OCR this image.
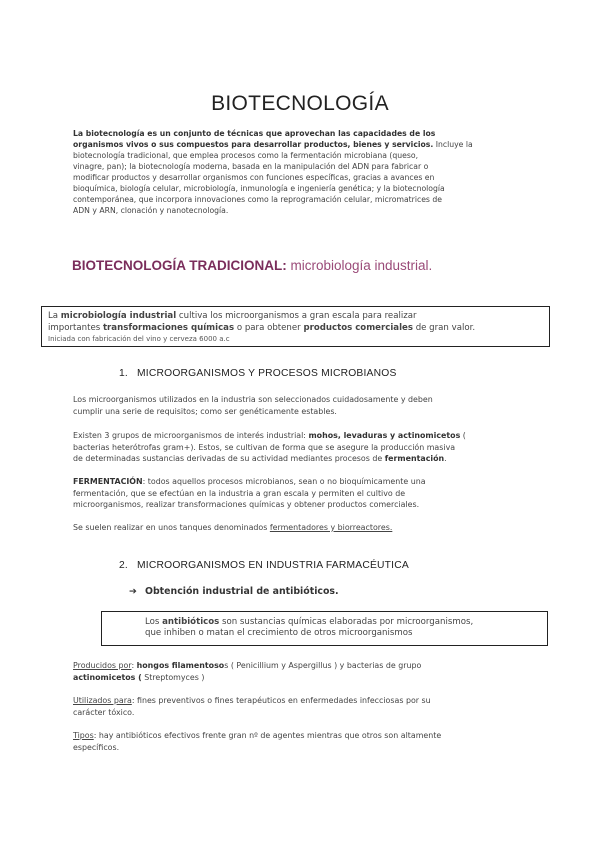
BIOTECNOLOGÍA
La biotecnología es un conjunto de técnicas que aprovechan las capacidades de los
organismos vivos o sus compuestos para desarrollar productos, bienes y servicios. Incluye la
biotecnología tradicional, que emplea procesos como la fermentación microbiana (queso,
vinagre, pan); la biotecnología moderna, basada en la manipulación del ADN para fabricar o
modificar productos y desarrollar organismos con funciones específicas, gracias a avances en
bioquímica, biología celular, microbiología, inmunología e ingeniería genética; y la biotecnología
contemporánea, que incorpora innovaciones como la reprogramación celular, micromatrices de
ADN y ARN, clonación y nanotecnología.
BIOTECNOLOGÍA TRADICIONAL: microbiología industrial.
La microbiología industrial cultiva los microorganismos a gran escala para realizar
importantes transformaciones químicas o para obtener productos comerciales de gran valor.
Iniciada con fabricación del vino y cerveza 6000 a.c
1. MICROORGANISMOS Y PROCESOS MICROBIANOS
Los microorganismos utilizados en la industria son seleccionados cuidadosamente y deben
cumplir una serie de requisitos; como ser genéticamente estables.
Existen 3 grupos de microorganismos de interés industrial: mohos, levaduras y actinomicetos (
bacterias heterótrofas gram+). Estos, se cultivan de forma que se asegure la producción masiva
de determinadas sustancias derivadas de su actividad mediantes procesos de fermentación.
FERMENTACIÓN: todos aquellos procesos microbianos, sean o no bioquímicamente una
fermentación, que se efectúan en la industria a gran escala y permiten el cultivo de
microorganismos, realizar transformaciones químicas y obtener productos comerciales.
Se suelen realizar en unos tanques denominados fermentadores y biorreactores.
2. MICROORGANISMOS EN INDUSTRIA FARMACÉUTICA
➔ Obtención industrial de antibióticos.
Los antibióticos son sustancias químicas elaboradas por microorganismos,
que inhiben o matan el crecimiento de otros microorganismos
Producidos por: hongos filamentosos ( Penicillium y Aspergillus ) y bacterias de grupo
actinomicetos ( Streptomyces )
Utilizados para: fines preventivos o fines terapéuticos en enfermedades infecciosas por su
carácter tóxico.
Tipos: hay antibióticos efectivos frente gran nº de agentes mientras que otros son altamente
específicos.
